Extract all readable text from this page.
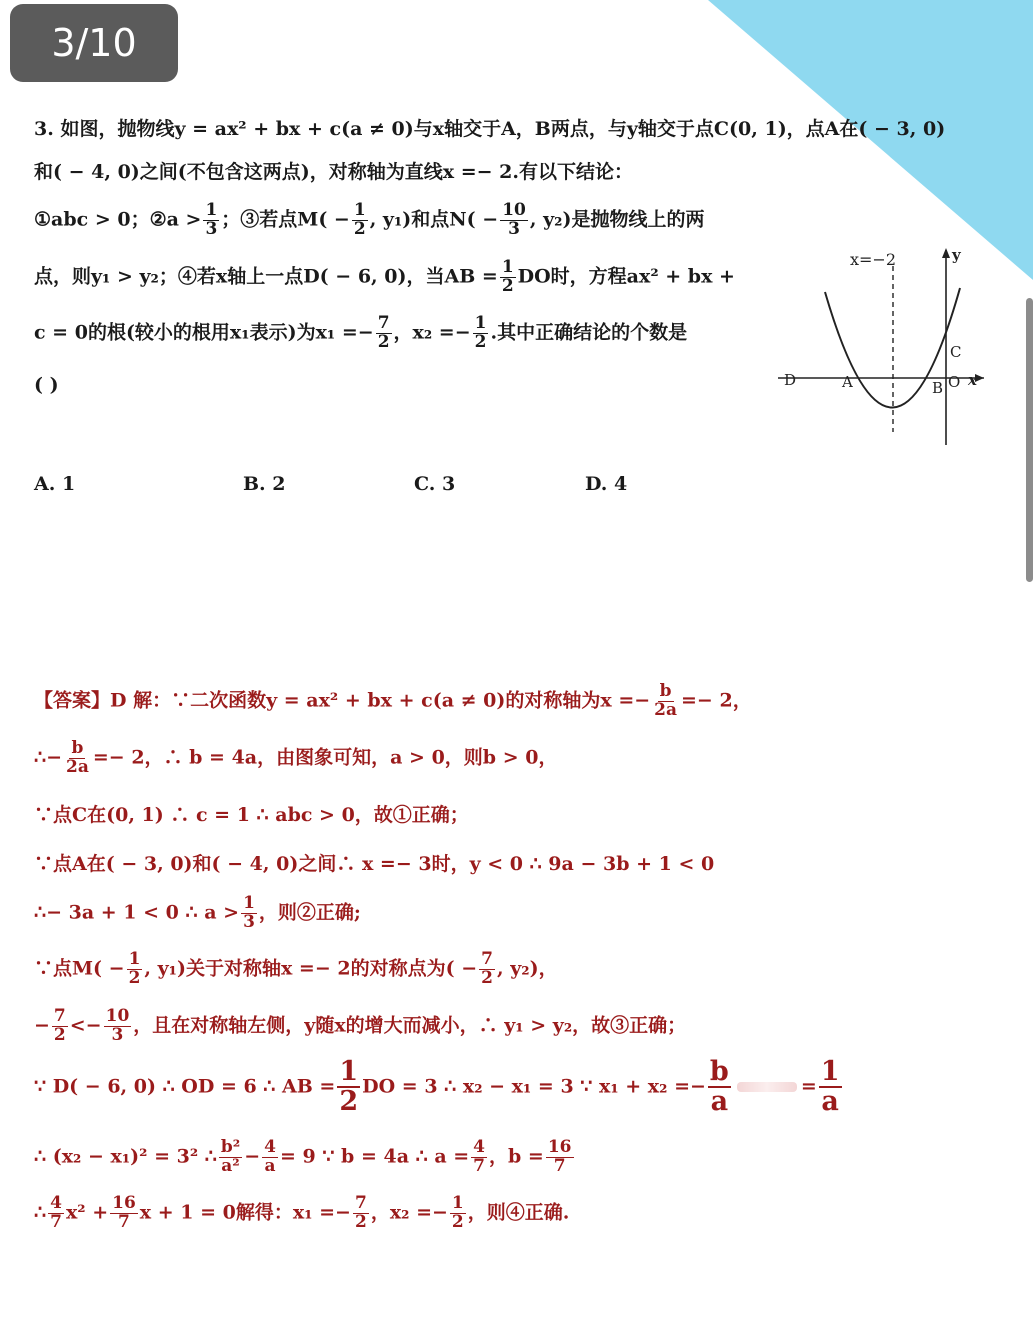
3/10
3. 如图，抛物线y = ax² + bx + c(a ≠ 0)与x轴交于A，B两点，与y轴交于点C(0, 1)，点A在( − 3, 0)
和( − 4, 0)之间(不包含这两点)，对称轴为直线x =− 2.有以下结论：
①abc > 0；②a > $\frac{1}{3}$ ；③若点$M( - \frac{1}{2}$ , y₁)和点$N( - \frac{10}{3}$ , y₂)是抛物线上的两
点，则y₁ > y₂；④若x轴上一点D( − 6, 0)，当AB = $\frac{1}{2}$ DO时，方程ax² + bx +
c = 0的根(较小的根用x₁表示)为$x_1 =- \frac{7}{2}$ ，$x_2 =- \frac{1}{2}$ .其中正确结论的个数是
( )
A. 1	B. 2	C. 3	D. 4
x=−2	y
x
D	A	B O
C
【答案】D 解：∵二次函数y = ax² + bx + c(a ≠ 0)的对称轴为$x =- \frac{b}{2a} =- 2$，
∴− $\frac{b}{2a} =- 2$，∴ b = 4a，由图象可知，a > 0，则b > 0，
∵点C在(0, 1) ∴ c = 1 ∴ abc > 0，故①正确；
∵点A在( − 3, 0)和( − 4, 0)之间∴ x =− 3时，y < 0 ∴ 9a − 3b + 1 < 0
∴− 3a + 1 < 0 ∴ $a > \frac{1}{3}$ ，则②正确;
∵点$M( - \frac{1}{2}$ , y₁)关于对称轴x =− 2的对称点为( − $\frac{7}{2}$ , y₂)，
− $\frac{7}{2} <- \frac{10}{3}$ ，且在对称轴左侧，y随x的增大而减小，∴ y₁ > y₂，故③正确；
∵ D( − 6, 0) ∴ OD = 6 ∴ AB = $\frac{1}{2}$ DO = 3 ∴ x₂ − x₁ = 3 ∵ $x_1 + x_2 =- \frac{b}{a}$	= $\frac{1}{a}$
∴ (x₂ − x₁)² = 3² ∴ $\frac{\text{b²}}{\text{a²}} - \frac{4}{a} = 9$ ∵ b = 4a ∴ $a = \frac{4}{7}$ ，$b = \frac{16}{7}$
∴ $\frac{4}{7} x^2 + \frac{16}{7}$ x + 1 = 0解得：$x_1 =- \frac{7}{2}$ ，$x_2 =- \frac{1}{2}$ ，则④正确.
